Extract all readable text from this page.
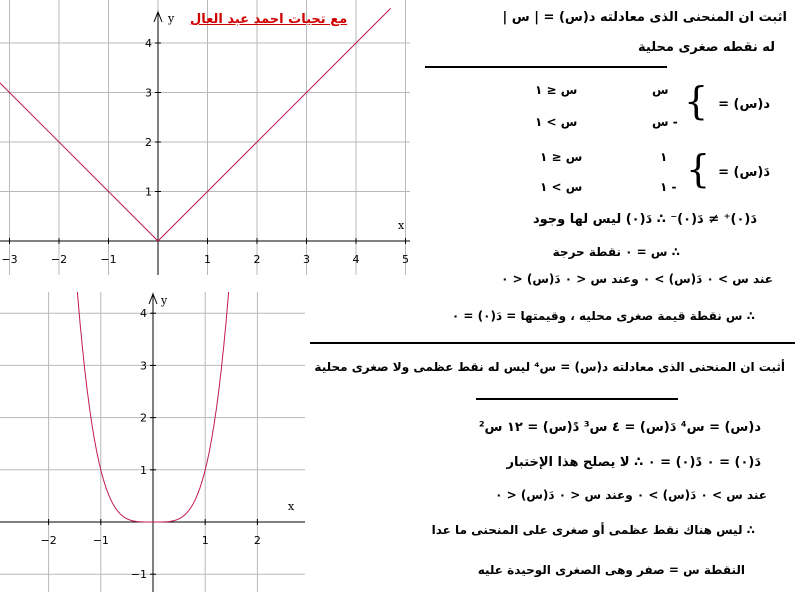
−3	−2	−1	1	2	3	4	5
1
2
3
4
x
y
−2	−1	1	2
−1
1
2
3
4
x
y
مع تحيات احمد عبد العال	اثبت ان المنحنى الذى معادلته د(س) = | س |
له نقطه صغرى محلية
د(س) =
{
س
س ≤ ١
- س
س > ١
دَ(س) =
{
١
س ≤ ١
- ١
س > ١
دَ(٠)⁺ ≠ دَ(٠)⁻ ∴ دَ(٠) ليس لها وجود
∴ س = ٠ نقطة حرجة
عند س > ٠ دَ(س) > ٠ وعند س < ٠ دَ(س) < ٠
∴ س نقطة قيمة صغرى محليه ، وقيمتها = دَ(٠) = ٠
أثبت ان المنحنى الذى معادلته د(س) = س⁴ ليس له نقط عظمى ولا صغرى محلية
د(س) = س⁴ دَ(س) = ٤ س³ دً(س) = ١٢ س²
دَ(٠) = ٠ دً(٠) = ٠ ∴ لا يصلح هذا الإختبار
عند س > ٠ دَ(س) > ٠ وعند س < ٠ دَ(س) < ٠
∴ ليس هناك نقط عظمى أو صغرى على المنحنى ما عدا
النقطة س = صفر وهى الصغرى الوحيدة عليه
